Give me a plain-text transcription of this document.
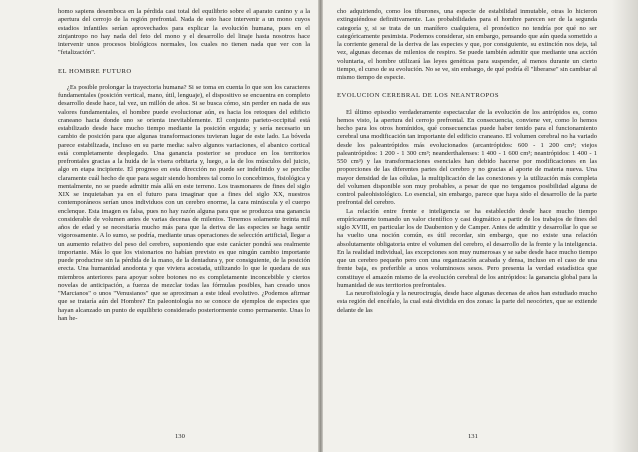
homo sapiens desemboca en la pérdida casi total del equilibrio sobre el aparato canino y a la apertura del cerrojo de la región prefrontal. Nada de esto hace intervenir a un mono cuyos estadios infantiles serían aprovechados para explicar la evolución humana, pues en el zinjantropo no hay nada del feto del mono y el desarrollo del linaje hasta nosotros hace intervenir unos procesos biológicos normales, los cuales no tienen nada que ver con la "fetalización".

EL HOMBRE FUTURO

¿Es posible prolongar la trayectoria humana? Si se toma en cuenta lo que son los caracteres fundamentales (posición vertical, mano, útil, lenguaje), el dispositivo se encuentra en completo desarrollo desde hace, tal vez, un millón de años. Si se busca cómo, sin perder en nada de sus valores fundamentales, el hombre puede evolucionar aún, es hacia los retoques del edificio craneano hacia donde uno se orienta inevitablemente. El conjunto parieto-occipital está estabilizado desde hace mucho tiempo mediante la posición erguida; y sería necesario un cambio de posición para que algunas transformaciones tuvieran lugar de este lado. La bóveda parece estabilizada, incluso en su parte media: salvo algunos variaciones, el abanico cortical está completamente desplegado. Una ganancia posterior se produce en los territorios prefrontales gracias a la huida de la visera orbitaria y, luego, a la de los músculos del juicio, algo en etapa incipiente. El progreso en esta dirección no puede ser indefinido y se percibe claramente cuál hecho de que para seguir siendo hombres tal como lo concebimos, fisiológica y mentalmente, no se puede admitir más allá en este terreno. Los trasmonares de fines del siglo XIX se inquietaban ya en el futuro para imaginar que a fines del siglo XX, nuestros contemporáneos serían unos individuos con un cerebro enorme, la cara minúscula y el cuerpo enclenque. Esta imagen es falsa, pues no hay razón alguna para que se produzca una ganancia considerable de volumen antes de varias decenas de milenios. Tenemos solamente treinta mil años de edad y se necesitaría mucho más para que la deriva de las especies se haga sentir vigorosamente. A lo sumo, se podría, mediante unas operaciones de selección artificial, llegar a un aumento relativo del peso del cerebro, suponiendo que este carácter pondrá sea realmente importante. Más lo que los visionarios no habían previsto es que ningún cambio importante puede producirse sin la pérdida de la mano, de la dentadura y, por consiguiente, de la posición erecta. Una humanidad anodonta y que viviera acostada, utilizando lo que le quedara de sus miembros anteriores para apoyar sobre botones no es completamente inconcebible y ciertos novelas de anticipación, a fuerza de mezclar todas las fórmulas posibles, han creado unos "Marcianos" o unos "Venusianos" que se aproximan a este ideal evolutivo. ¿Podemos afirmar que se trataría aún del Hombre? En paleontología no se conoce de ejemplos de especies que hayan alcanzado un punto de equilibrio considerado posteriormente como permanente. Unas lo han he-

cho adquiriendo, como los tiburones, una especie de estabilidad inmutable, otras lo hicieron extinguiéndose definitivamente. Las probabilidades para el hombre parecen ser de la segunda categoría y, si se trata de un manífero cualquiera, el pronóstico no tendría por qué no ser categóricamente pesimista. Podemos considerar, sin embargo, pensando que aún queda sometido a la corriente general de la deriva de las especies y que, por consiguiente, su extinción nos deja, tal vez, algunas decenas de milenios de respiro. Se puede también admitir que mediante una acción voluntaria, el hombre utilizará las leyes genéticas para suspender, al menos durante un cierto tiempo, el curso de su evolución. No se ve, sin embargo, de qué podría él "liberarse" sin cambiar al mismo tiempo de especie.

EVOLUCION CEREBRAL DE LOS NEANTROPOS

El último episodio verdaderamente espectacular de la evolución de los antrópidos es, como hemos visto, la apertura del cerrojo prefrontal. En consecuencia, conviene ver, como lo hemos hecho para los otros homínidos, qué consecuencias puede haber tenido para el funcionamiento cerebral una modificación tan importante del edificio craneano. El volumen cerebral no ha variado desde los paleantrópidos más evolucionados (arcantrópidos: 600 - 1 200 cm³; viejos paleantrópidos: 1 200 - 1 300 cm³; neanderthalenses: 1 400 - 1 600 cm³; neantrópidos: 1 400 - 1 550 cm³) y las transformaciones esenciales han debido hacerse por modificaciones en las proporciones de las diferentes partes del cerebro y no gracias al aporte de materia nueva. Una mayor densidad de las células, la multiplicación de las conexiones y la utilización más completa del volumen disponible son muy probables, a pesar de que no tengamos posibilidad alguna de control paleohistológico. Lo esencial, sin embargo, parece que haya sido el desarrollo de la parte prefrontal del cerebro.

La relación entre frente e inteligencia se ha establecido desde hace mucho tiempo empíricamente tomando un valor científico y casi dogmático a partir de los trabajos de fines del siglo XVIII, en particular los de Daubenton y de Camper. Antes de admitir y desarrollar lo que se ha vuelto una noción común, es útil recordar, sin embargo, que no existe una relación absolutamente obligatoria entre el volumen del cerebro, el desarrollo de la frente y la inteligencia. En la realidad individual, las excepciones son muy numerosas y se sabe desde hace mucho tiempo que un cerebro pequeño pero con una organización acabada y densa, incluso en el caso de una frente baja, es preferible a unos voluminosos sesos. Pero presenta la verdad estadística que constituye el amazón mismo de la evolución cerebral de los antrópidos: la ganancia global para la humanidad de sus territorios prefrontales.

La neurofisiología y la neurocirugía, desde hace algunas decenas de años han estudiado mucho esta región del encéfalo, la cual está dividida en dos zonas: la parte del neocórtex, que se extiende delante de las

130	131
